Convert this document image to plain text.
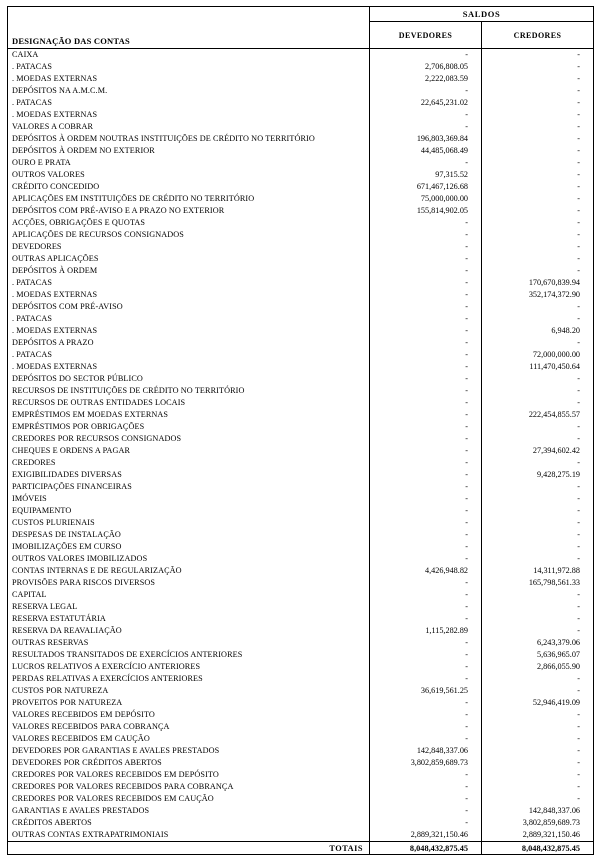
DESIGNAÇÃO DAS CONTAS
SALDOS
DEVEDORES	CREDORES
CAIXA	-	-
. PATACAS	2,706,808.05	-
. MOEDAS EXTERNAS	2,222,083.59	-
DEPÓSITOS NA A.M.C.M.	-	-
. PATACAS	22,645,231.02	-
. MOEDAS EXTERNAS	-	-
VALORES A COBRAR	-	-
DEPÓSITOS À ORDEM NOUTRAS INSTITUIÇÕES DE CRÉDITO NO TERRITÓRIO	196,803,369.84	-
DEPÓSITOS À ORDEM NO EXTERIOR	44,485,068.49	-
OURO E PRATA	-	-
OUTROS VALORES	97,315.52	-
CRÉDITO CONCEDIDO	671,467,126.68	-
APLICAÇÕES EM INSTITUIÇÕES DE CRÉDITO NO TERRITÓRIO	75,000,000.00	-
DEPÓSITOS COM PRÉ-AVISO E A PRAZO NO EXTERIOR	155,814,902.05	-
ACÇÕES, OBRIGAÇÕES E QUOTAS	-	-
APLICAÇÕES DE RECURSOS CONSIGNADOS	-	-
DEVEDORES	-	-
OUTRAS APLICAÇÕES	-	-
DEPÓSITOS À ORDEM	-	-
. PATACAS	-	170,670,839.94
. MOEDAS EXTERNAS	-	352,174,372.90
DEPÓSITOS COM PRÉ-AVISO	-	-
. PATACAS	-	-
. MOEDAS EXTERNAS	-	6,948.20
DEPÓSITOS A PRAZO	-	-
. PATACAS	-	72,000,000.00
. MOEDAS EXTERNAS	-	111,470,450.64
DEPÓSITOS DO SECTOR PÚBLICO	-	-
RECURSOS DE INSTITUIÇÕES DE CRÉDITO NO TERRITÓRIO	-	-
RECURSOS DE OUTRAS ENTIDADES LOCAIS	-	-
EMPRÉSTIMOS EM MOEDAS EXTERNAS	-	222,454,855.57
EMPRÉSTIMOS POR OBRIGAÇÕES	-	-
CREDORES POR RECURSOS CONSIGNADOS	-	-
CHEQUES E ORDENS A PAGAR	-	27,394,602.42
CREDORES	-	-
EXIGIBILIDADES DIVERSAS	-	9,428,275.19
PARTICIPAÇÕES FINANCEIRAS	-	-
IMÓVEIS	-	-
EQUIPAMENTO	-	-
CUSTOS PLURIENAIS	-	-
DESPESAS DE INSTALAÇÃO	-	-
IMOBILIZAÇÕES EM CURSO	-	-
OUTROS VALORES IMOBILIZADOS	-	-
CONTAS INTERNAS E DE REGULARIZAÇÃO	4,426,948.82	14,311,972.88
PROVISÕES PARA RISCOS DIVERSOS	-	165,798,561.33
CAPITAL	-	-
RESERVA LEGAL	-	-
RESERVA ESTATUTÁRIA	-	-
RESERVA DA REAVALIAÇÃO	1,115,282.89	-
OUTRAS RESERVAS	-	6,243,379.06
RESULTADOS TRANSITADOS DE EXERCÍCIOS ANTERIORES	-	5,636,965.07
LUCROS RELATIVOS A EXERCÍCIO ANTERIORES	-	2,866,055.90
PERDAS RELATIVAS A EXERCÍCIOS ANTERIORES	-	-
CUSTOS POR NATUREZA	36,619,561.25	-
PROVEITOS POR NATUREZA	-	52,946,419.09
VALORES RECEBIDOS EM DEPÓSITO	-	-
VALORES RECEBIDOS PARA COBRANÇA	-	-
VALORES RECEBIDOS EM CAUÇÃO	-	-
DEVEDORES POR GARANTIAS E AVALES PRESTADOS	142,848,337.06	-
DEVEDORES POR CRÉDITOS ABERTOS	3,802,859,689.73	-
CREDORES POR VALORES RECEBIDOS EM DEPÓSITO	-	-
CREDORES POR VALORES RECEBIDOS PARA COBRANÇA	-	-
CREDORES POR VALORES RECEBIDOS EM CAUÇÃO	-	-
GARANTIAS E AVALES PRESTADOS	-	142,848,337.06
CRÉDITOS ABERTOS	-	3,802,859,689.73
OUTRAS CONTAS EXTRAPATRIMONIAIS	2,889,321,150.46	2,889,321,150.46
TOTAIS	8,048,432,875.45	8,048,432,875.45
